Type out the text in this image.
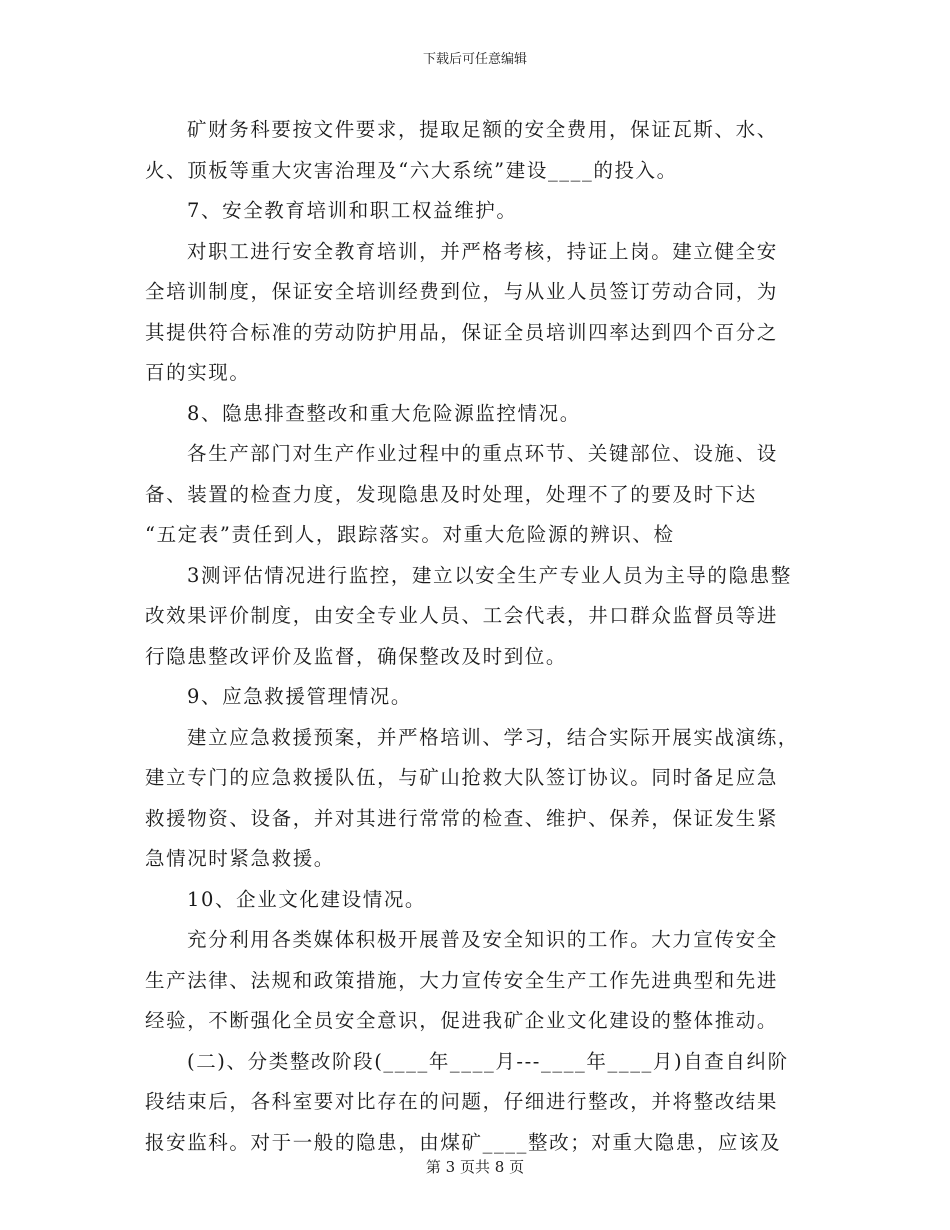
下载后可任意编辑
矿财务科要按文件要求，提取足额的安全费用，保证瓦斯、水、
火、顶板等重大灾害治理及“六大系统”建设____的投入。
7、安全教育培训和职工权益维护。
对职工进行安全教育培训，并严格考核，持证上岗。建立健全安
全培训制度，保证安全培训经费到位，与从业人员签订劳动合同，为
其提供符合标准的劳动防护用品，保证全员培训四率达到四个百分之
百的实现。
8、隐患排查整改和重大危险源监控情况。
各生产部门对生产作业过程中的重点环节、关键部位、设施、设
备、装置的检查力度，发现隐患及时处理，处理不了的要及时下达
“五定表”责任到人，跟踪落实。对重大危险源的辨识、检
3测评估情况进行监控，建立以安全生产专业人员为主导的隐患整
改效果评价制度，由安全专业人员、工会代表，井口群众监督员等进
行隐患整改评价及监督，确保整改及时到位。
9、应急救援管理情况。
建立应急救援预案，并严格培训、学习，结合实际开展实战演练，
建立专门的应急救援队伍，与矿山抢救大队签订协议。同时备足应急
救援物资、设备，并对其进行常常的检查、维护、保养，保证发生紧
急情况时紧急救援。
10、企业文化建设情况。
充分利用各类媒体积极开展普及安全知识的工作。大力宣传安全
生产法律、法规和政策措施，大力宣传安全生产工作先进典型和先进
经验，不断强化全员安全意识，促进我矿企业文化建设的整体推动。
(二)、分类整改阶段(____年____月---____年____月)自查自纠阶
段结束后，各科室要对比存在的问题，仔细进行整改，并将整改结果
报安监科。对于一般的隐患，由煤矿____整改；对重大隐患，应该及
第 3 页共 8 页
